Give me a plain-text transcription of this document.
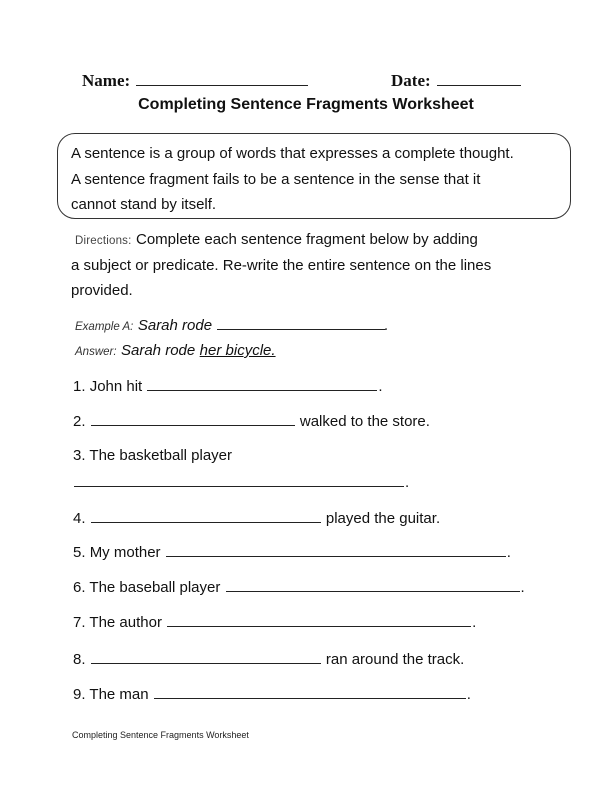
Name:	Date:
Completing Sentence Fragments Worksheet
A sentence is a group of words that expresses a complete thought.
A sentence fragment fails to be a sentence in the sense that it
cannot stand by itself.
Directions: Complete each sentence fragment below by adding
a subject or predicate. Re-write the entire sentence on the lines
provided.
Example A: Sarah rode	.
Answer: Sarah rode her bicycle.
1. John hit	.
2.	walked to the store.
3. The basketball player
.
4.	played the guitar.
5. My mother	.
6. The baseball player	.
7. The author	.
8.	ran around the track.
9. The man	.
Completing Sentence Fragments Worksheet
